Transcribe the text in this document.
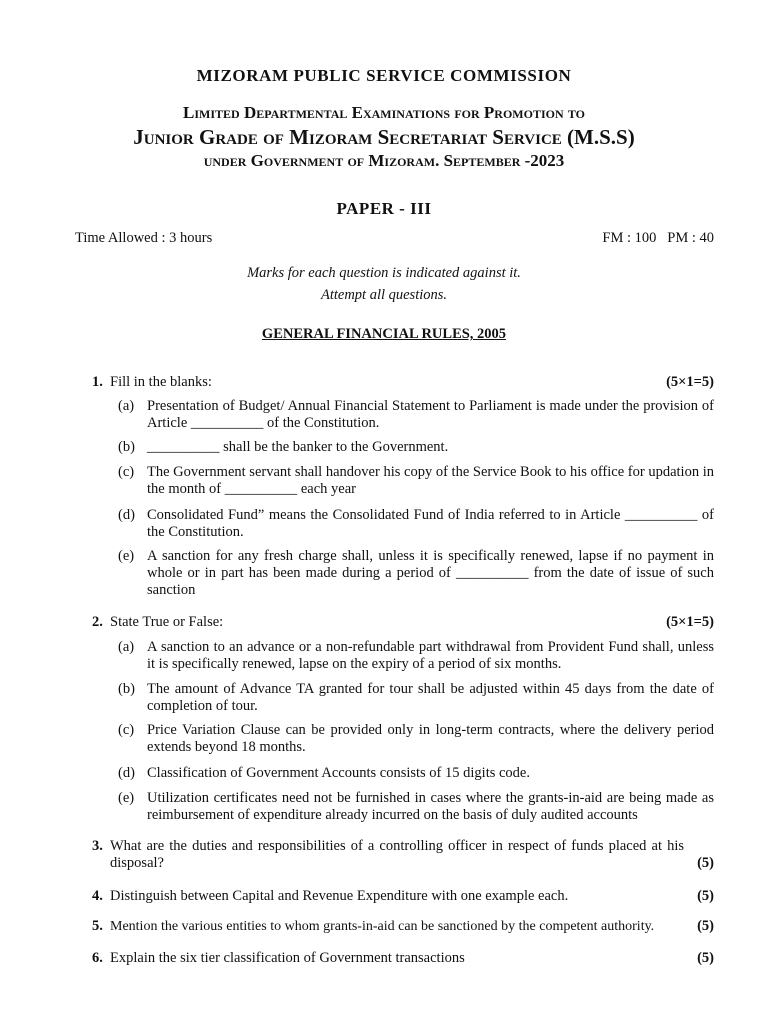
MIZORAM PUBLIC SERVICE COMMISSION
Limited Departmental Examinations for Promotion to
Junior Grade of Mizoram Secretariat Service (M.S.S)
under Government of Mizoram. September -2023
PAPER - III
Time Allowed : 3 hours	FM : 100   PM : 40
Marks for each question is indicated against it.
Attempt all questions.
GENERAL FINANCIAL RULES, 2005
1. Fill in the blanks:	(5×1=5)
(a) Presentation of Budget/ Annual Financial Statement to Parliament is made under the provision of Article __________ of the Constitution.
(b) __________ shall be the banker to the Government.
(c) The Government servant shall handover his copy of the Service Book to his office for updation in the month of __________ each year
(d) Consolidated Fund” means the Consolidated Fund of India referred to in Article __________ of the Constitution.
(e) A sanction for any fresh charge shall, unless it is specifically renewed, lapse if no payment in whole or in part has been made during a period of __________ from the date of issue of such sanction
2. State True or False:	(5×1=5)
(a) A sanction to an advance or a non-refundable part withdrawal from Provident Fund shall, unless it is specifically renewed, lapse on the expiry of a period of six months.
(b) The amount of Advance TA granted for tour shall be adjusted within 45 days from the date of completion of tour.
(c) Price Variation Clause can be provided only in long-term contracts, where the delivery period extends beyond 18 months.
(d) Classification of Government Accounts consists of 15 digits code.
(e) Utilization certificates need not be furnished in cases where the grants-in-aid are being made as reimbursement of expenditure already incurred on the basis of duly audited accounts
3. What are the duties and responsibilities of a controlling officer in respect of funds placed at his disposal?	(5)
4. Distinguish between Capital and Revenue Expenditure with one example each.	(5)
5. Mention the various entities to whom grants-in-aid can be sanctioned by the competent authority.	(5)
6. Explain the six tier classification of Government transactions	(5)
